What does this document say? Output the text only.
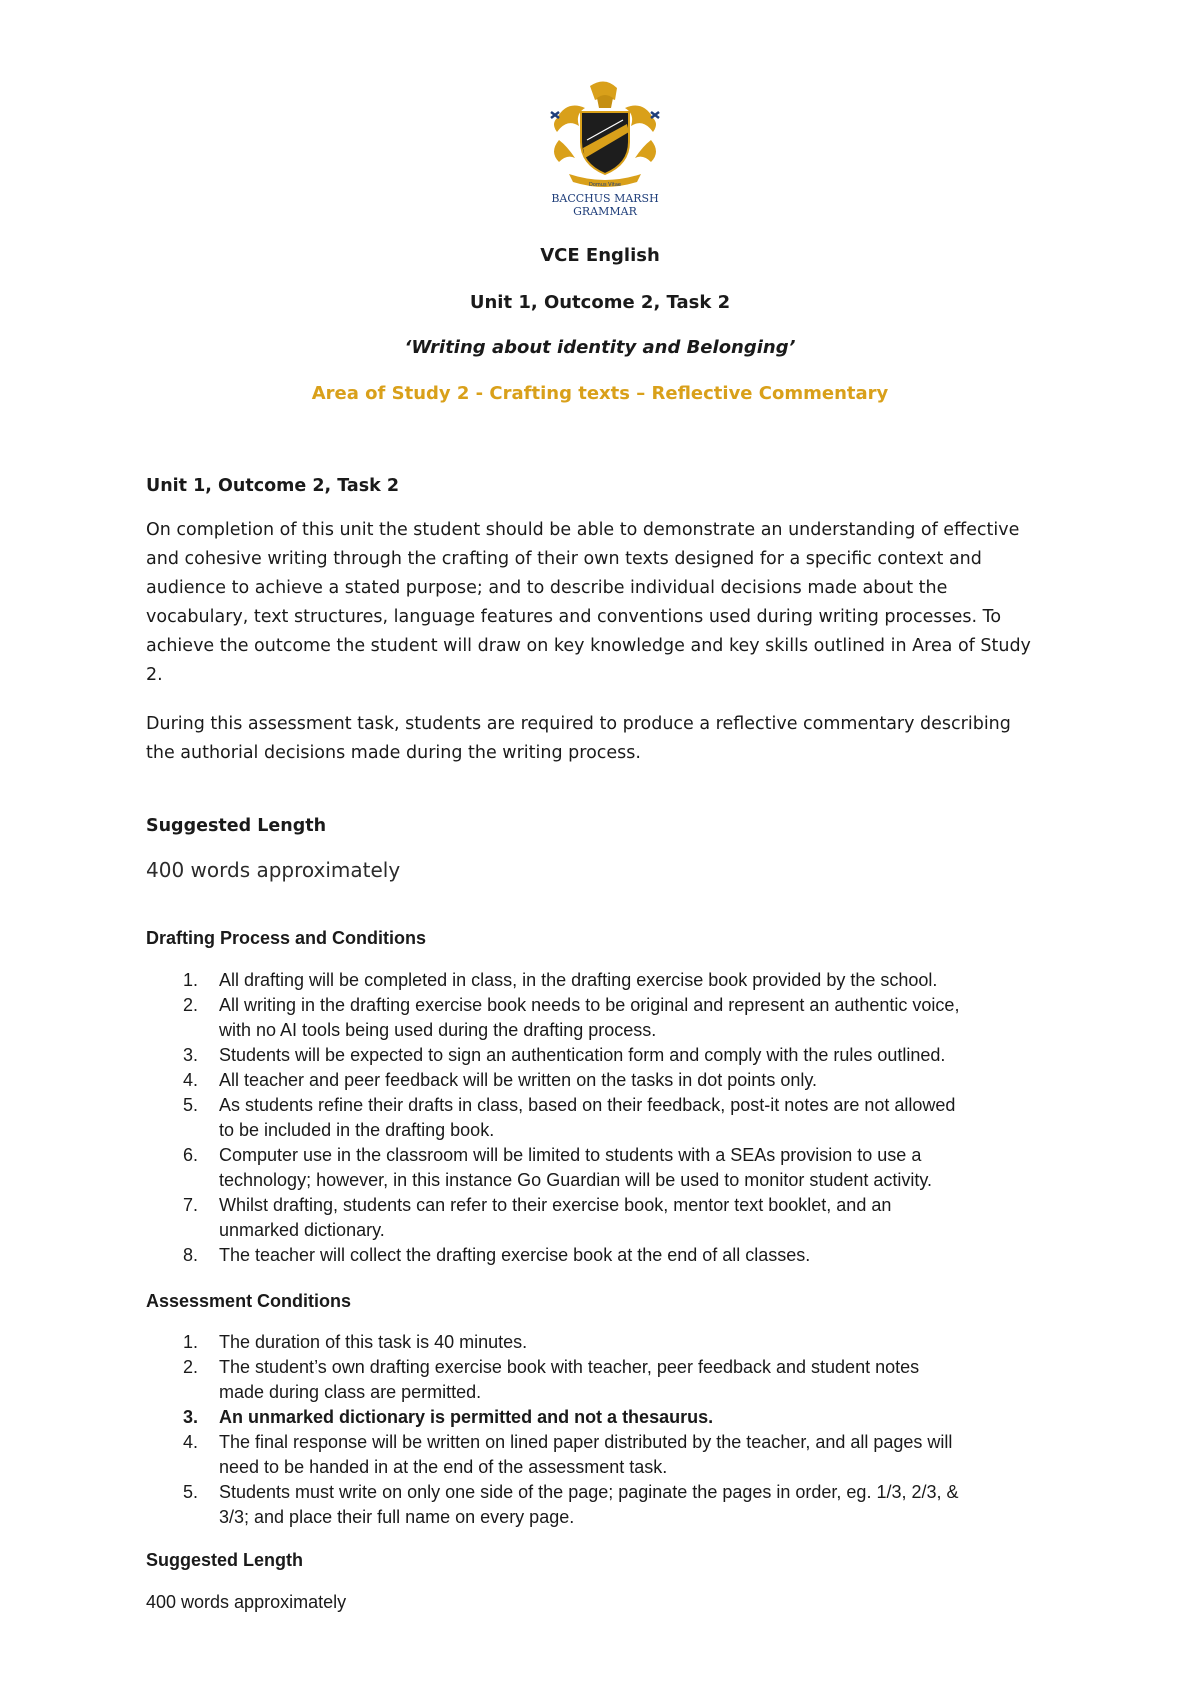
Domus Vitae
BACCHUS MARSH
GRAMMAR
VCE English
Unit 1, Outcome 2, Task 2
‘Writing about identity and Belonging’
Area of Study 2 - Crafting texts – Reflective Commentary
Unit 1, Outcome 2, Task 2
On completion of this unit the student should be able to demonstrate an understanding of effective
and cohesive writing through the crafting of their own texts designed for a specific context and
audience to achieve a stated purpose; and to describe individual decisions made about the
vocabulary, text structures, language features and conventions used during writing processes. To
achieve the outcome the student will draw on key knowledge and key skills outlined in Area of Study
2.
During this assessment task, students are required to produce a reflective commentary describing
the authorial decisions made during the writing process.
Suggested Length
400 words approximately
Drafting Process and Conditions
1.	All drafting will be completed in class, in the drafting exercise book provided by the school.
2.	All writing in the drafting exercise book needs to be original and represent an authentic voice,
with no AI tools being used during the drafting process.
3.	Students will be expected to sign an authentication form and comply with the rules outlined.
4.	All teacher and peer feedback will be written on the tasks in dot points only.
5.	As students refine their drafts in class, based on their feedback, post-it notes are not allowed
to be included in the drafting book.
6.	Computer use in the classroom will be limited to students with a SEAs provision to use a
technology; however, in this instance Go Guardian will be used to monitor student activity.
7.	Whilst drafting, students can refer to their exercise book, mentor text booklet, and an
unmarked dictionary.
8.	The teacher will collect the drafting exercise book at the end of all classes.
Assessment Conditions
1.	The duration of this task is 40 minutes.
2.	The student’s own drafting exercise book with teacher, peer feedback and student notes
made during class are permitted.
3.	An unmarked dictionary is permitted and not a thesaurus.
4.	The final response will be written on lined paper distributed by the teacher, and all pages will
need to be handed in at the end of the assessment task.
5.	Students must write on only one side of the page; paginate the pages in order, eg. 1/3, 2/3, &
3/3; and place their full name on every page.
Suggested Length
400 words approximately
